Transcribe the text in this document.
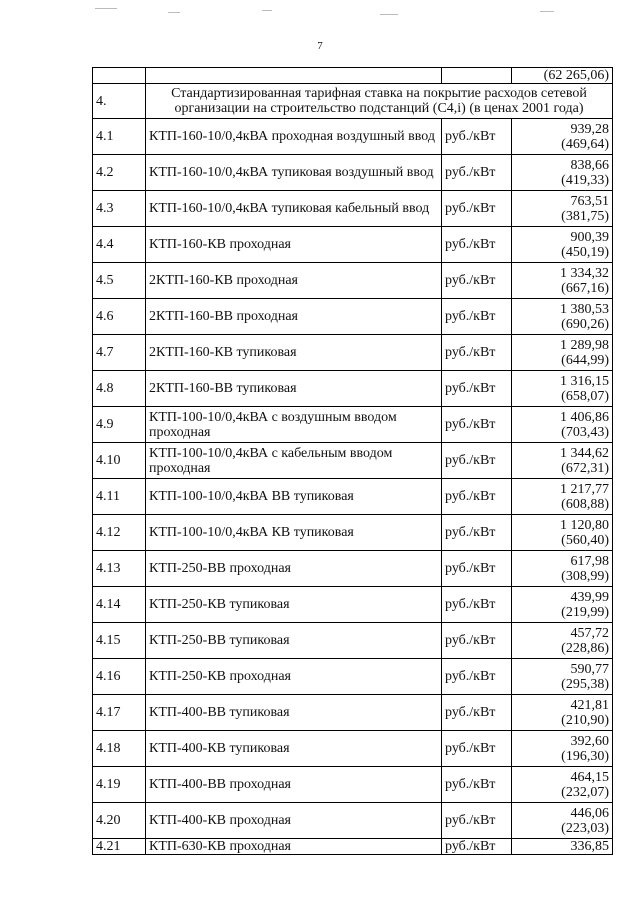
7
			(62 265,06)
4.	Стандартизированная тарифная ставка на покрытие расходов сетевой организации на строительство подстанций (С4,i) (в ценах 2001 года)		
4.1	КТП-160-10/0,4кВА проходная воздушный ввод	руб./кВт	939,28
(469,64)

4.2	КТП-160-10/0,4кВА тупиковая воздушный ввод	руб./кВт	838,66
(419,33)

4.3	КТП-160-10/0,4кВА тупиковая кабельный ввод	руб./кВт	763,51
(381,75)

4.4	КТП-160-КВ проходная	руб./кВт	900,39
(450,19)

4.5	2КТП-160-КВ проходная	руб./кВт	1 334,32
(667,16)

4.6	2КТП-160-ВВ проходная	руб./кВт	1 380,53
(690,26)

4.7	2КТП-160-КВ тупиковая	руб./кВт	1 289,98
(644,99)

4.8	2КТП-160-ВВ тупиковая	руб./кВт	1 316,15
(658,07)

4.9	КТП-100-10/0,4кВА с воздушным вводом проходная	руб./кВт	1 406,86
(703,43)

4.10	КТП-100-10/0,4кВА с кабельным вводом проходная	руб./кВт	1 344,62
(672,31)

4.11	КТП-100-10/0,4кВА ВВ тупиковая	руб./кВт	1 217,77
(608,88)

4.12	КТП-100-10/0,4кВА КВ тупиковая	руб./кВт	1 120,80
(560,40)

4.13	КТП-250-ВВ проходная	руб./кВт	617,98
(308,99)

4.14	КТП-250-КВ тупиковая	руб./кВт	439,99
(219,99)

4.15	КТП-250-ВВ тупиковая	руб./кВт	457,72
(228,86)

4.16	КТП-250-КВ проходная	руб./кВт	590,77
(295,38)

4.17	КТП-400-ВВ тупиковая	руб./кВт	421,81
(210,90)

4.18	КТП-400-КВ тупиковая	руб./кВт	392,60
(196,30)

4.19	КТП-400-ВВ проходная	руб./кВт	464,15
(232,07)

4.20	КТП-400-КВ проходная	руб./кВт	446,06
(223,03)

4.21	КТП-630-КВ проходная	руб./кВт	336,85
